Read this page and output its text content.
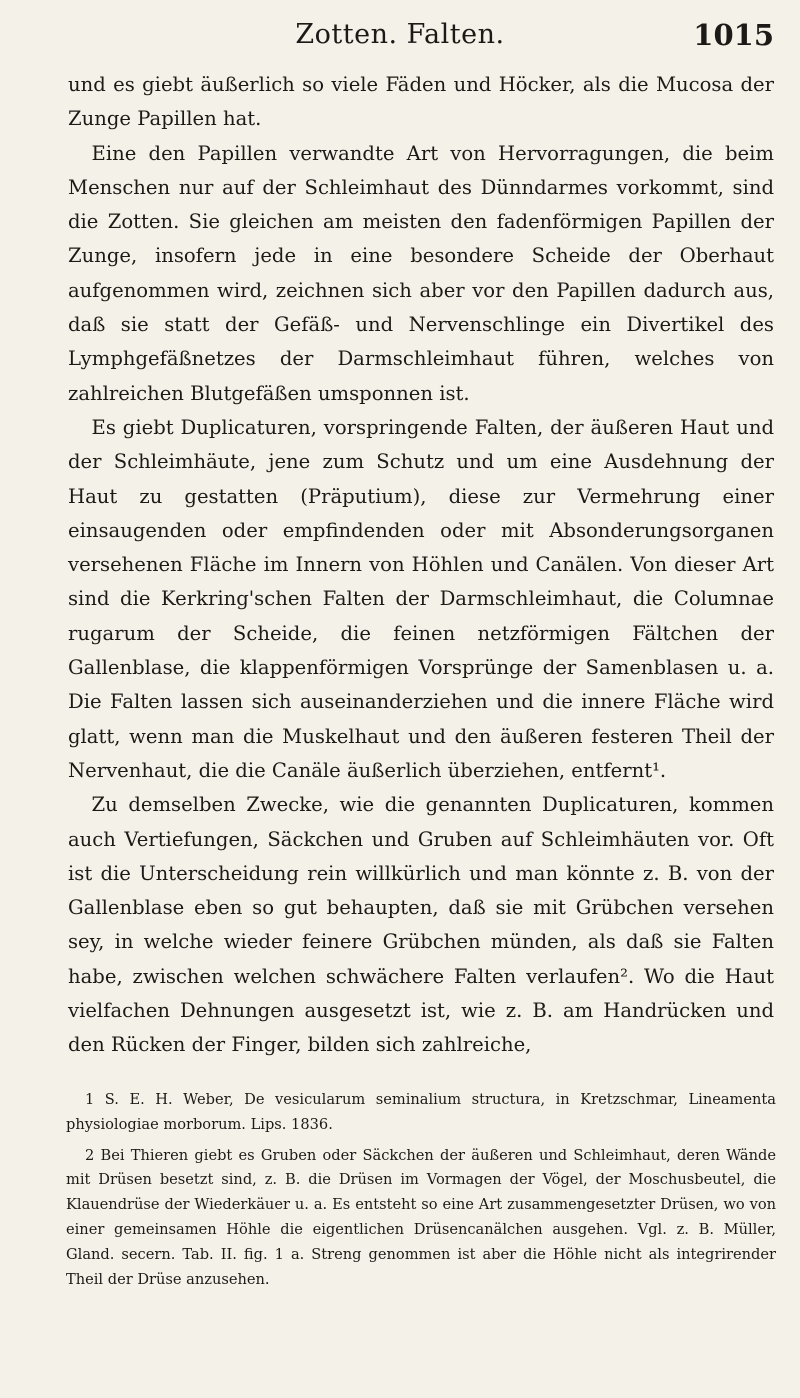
Zotten. Falten.	1015

und es giebt äußerlich so viele Fäden und Höcker, als die Mucosa der Zunge Papillen hat.

Eine den Papillen verwandte Art von Hervorragungen, die beim Menschen nur auf der Schleimhaut des Dünndarmes vorkommt, sind die Zotten. Sie gleichen am meisten den fadenförmigen Papillen der Zunge, insofern jede in eine besondere Scheide der Oberhaut aufgenommen wird, zeichnen sich aber vor den Papillen dadurch aus, daß sie statt der Gefäß- und Nervenschlinge ein Divertikel des Lymphgefäßnetzes der Darmschleimhaut führen, welches von zahlreichen Blutgefäßen umsponnen ist.

Es giebt Duplicaturen, vorspringende Falten, der äußeren Haut und der Schleimhäute, jene zum Schutz und um eine Ausdehnung der Haut zu gestatten (Präputium), diese zur Vermehrung einer einsaugenden oder empfindenden oder mit Absonderungsorganen versehenen Fläche im Innern von Höhlen und Canälen. Von dieser Art sind die Kerkring'schen Falten der Darmschleimhaut, die Columnae rugarum der Scheide, die feinen netzförmigen Fältchen der Gallenblase, die klappenförmigen Vorsprünge der Samenblasen u. a. Die Falten lassen sich auseinanderziehen und die innere Fläche wird glatt, wenn man die Muskelhaut und den äußeren festeren Theil der Nervenhaut, die die Canäle äußerlich überziehen, entfernt¹.

Zu demselben Zwecke, wie die genannten Duplicaturen, kommen auch Vertiefungen, Säckchen und Gruben auf Schleimhäuten vor. Oft ist die Unterscheidung rein willkürlich und man könnte z. B. von der Gallenblase eben so gut behaupten, daß sie mit Grübchen versehen sey, in welche wieder feinere Grübchen münden, als daß sie Falten habe, zwischen welchen schwächere Falten verlaufen². Wo die Haut vielfachen Dehnungen ausgesetzt ist, wie z. B. am Handrücken und den Rücken der Finger, bilden sich zahlreiche,

1 S. E. H. Weber, De vesicularum seminalium structura, in Kretzschmar, Lineamenta physiologiae morborum. Lips. 1836.

2 Bei Thieren giebt es Gruben oder Säckchen der äußeren und Schleimhaut, deren Wände mit Drüsen besetzt sind, z. B. die Drüsen im Vormagen der Vögel, der Moschusbeutel, die Klauendrüse der Wiederkäuer u. a. Es entsteht so eine Art zusammengesetzter Drüsen, wo von einer gemeinsamen Höhle die eigentlichen Drüsencanälchen ausgehen. Vgl. z. B. Müller, Gland. secern. Tab. II. fig. 1 a. Streng genommen ist aber die Höhle nicht als integrirender Theil der Drüse anzusehen.
